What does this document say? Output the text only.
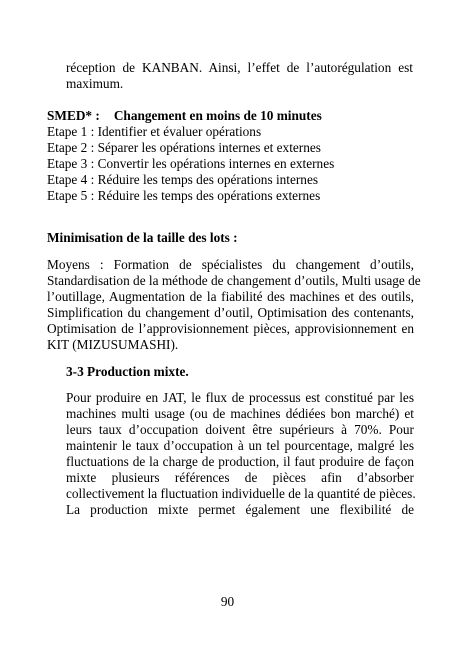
réception de KANBAN. Ainsi, l’effet de l’autorégulation est
maximum.
SMED* : Changement en moins de 10 minutes
Etape 1 : Identifier et évaluer opérations
Etape 2 : Séparer les opérations internes et externes
Etape 3 : Convertir les opérations internes en externes
Etape 4 : Réduire les temps des opérations internes
Etape 5 : Réduire les temps des opérations externes
Minimisation de la taille des lots :
Moyens : Formation de spécialistes du changement d’outils,
Standardisation de la méthode de changement d’outils, Multi usage de
l’outillage, Augmentation de la fiabilité des machines et des outils,
Simplification du changement d’outil, Optimisation des contenants,
Optimisation de l’approvisionnement pièces, approvisionnement en
KIT (MIZUSUMASHI).
3-3 Production mixte.
Pour produire en JAT, le flux de processus est constitué par les
machines multi usage (ou de machines dédiées bon marché) et
leurs taux d’occupation doivent être supérieurs à 70%. Pour
maintenir le taux d’occupation à un tel pourcentage, malgré les
fluctuations de la charge de production, il faut produire de façon
mixte plusieurs références de pièces afin d’absorber
collectivement la fluctuation individuelle de la quantité de pièces.
La production mixte permet également une flexibilité de
90
